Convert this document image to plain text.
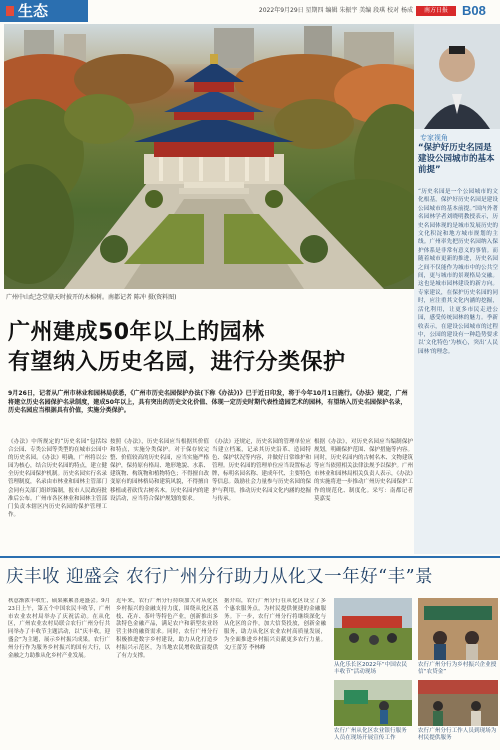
生态	2022年9月29日 星期四 编辑 朱振宇 美编 段琪 校对 杨成	南方日报	B08
广州中山纪念堂鼎天时披开的木棉树。南都记者 陈冲 摄(资料图)
专家视角
“保护好历史名园是建设公园城市的基本前提”
“历史名园是一个公园城市的文化根基，保护好历史名园是建设公园城市的基本前提。”国内外著名园林学者刘晓明教授表示，历史名园体现的是城市发展历史的文化积淀和地方城市规划的主线。广州率先把历史名园纳入保护体系是非常有意义的事情。而随着城市更新的推进，历史名园之间不仅能作为城市中的公共空间，更与城市的景观格局交融。这也是城市园林建设的新方向。专家建议，在保护历史名园的同时，应注重其文化内涵的挖掘，活化利用，让更多市民走进公园，感受传统园林的魅力。季新收表示，在建设公园城市的过程中，公园的建设有一种趋势要求以‘文化特色’为核心，突出‘人民园林’的理念。
广州建成50年以上的园林
有望纳入历史名园，进行分类保护
9月26日，记者从广州市林业和园林局获悉，《广州市历史名园保护办法(下称《办法》)》已于近日印发，将于今年10月1日施行。《办法》规定，广州将建立历史名园保护名录制度，建成50年以上，具有突出的历史文化价值、体现一定历史时期代表性造园艺术的园林，有望纳入历史名园保护名录，历史名园应当根据具有价值，实施分类保护。
《办法》中所规定的“历史名园”包括综合公园、专类公园等类型的在城市公园中的历史名园。《办法》明确，广州将以公园为核心，结合历史名园的特点，建立健全历史名园保护机制。历史名园实行名录管理制度，名录由市林业和园林主管部门会同有关部门组织编制，报市人民政府批准后公布。广州市各区林业和园林主管部门负责本辖区内历史名园的保护管理工作。
按照《办法》，历史名园应当根据其价值和特点，实施分类保护。对于保存较完整、价值较高的历史名园，应当实施严格保护，保持原有格局、地形地貌、水系、建筑物、构筑物和植物特色；不得擅自改变原有的园林格局和建筑风貌，不得擅自移植或者砍伐古树名木。历史名园内的建设活动，应当符合保护规划的要求。
《办法》还规定，历史名园的管理单位应当建立档案，记录其历史沿革、造园特色、保护状况等内容，并做好日常维护和管理。历史名园的管理单位应当设置标志牌，标明名园名称、建成年代、主要特色等信息。鼓励社会力量参与历史名园的保护与利用，推动历史名园文化内涵的挖掘与传承。
根据《办法》，对历史名园应当编制保护规划，明确保护范围、保护措施等内容。同时，历史名园内的古树名木、文物建筑等应当依照相关法律法规予以保护。广州市林业和园林局相关负责人表示，《办法》的实施将进一步推动广州历史名园保护工作的规范化、制度化。采写：南都记者 莫嘉雯
庆丰收 迎盛会 农行广州分行助力从化又一年好“丰”景
秋意渐浓丰收忙，硕果累累喜迎盛会。9月23日上午，第五个中国农民丰收节，广州市农业农村局举办了庆祝活动。在从化区，广州农业农村局联合农行广州分行共同举办了丰收节主题活动，以“庆丰收，迎盛会”为主题，展示乡村振兴成果。农行广州分行作为服务乡村振兴的国有大行，以金融之力助推从化乡村产业发展。
近年来，农行广州分行持续加大对从化区乡村振兴的金融支持力度，围绕从化区荔枝、花卉、茶叶等特色产业，创新推出多款特色金融产品，满足农户和新型农业经营主体的融资需求。同时，农行广州分行积极推进数字乡村建设，助力从化打造乡村振兴示范区，为当地农民增收致富提供了有力支撑。
据介绍，农行广州分行在从化区设立了多个惠农服务点，为村民提供便捷的金融服务。下一步，农行广州分行将继续深化与从化区的合作，加大信贷投放，创新金融服务，助力从化区农业农村高质量发展，为全面推进乡村振兴贡献更多农行力量。文/王蕾芳 李林峰
从化乐长区2022年“中国农民丰收节”活动现场
农行广州分行为乡村振兴企业授信“农贷金”
农行广州从化区农业银行服务人员在现场开展宣传工作
农行广州分行工作人员到现场为村民提供服务
